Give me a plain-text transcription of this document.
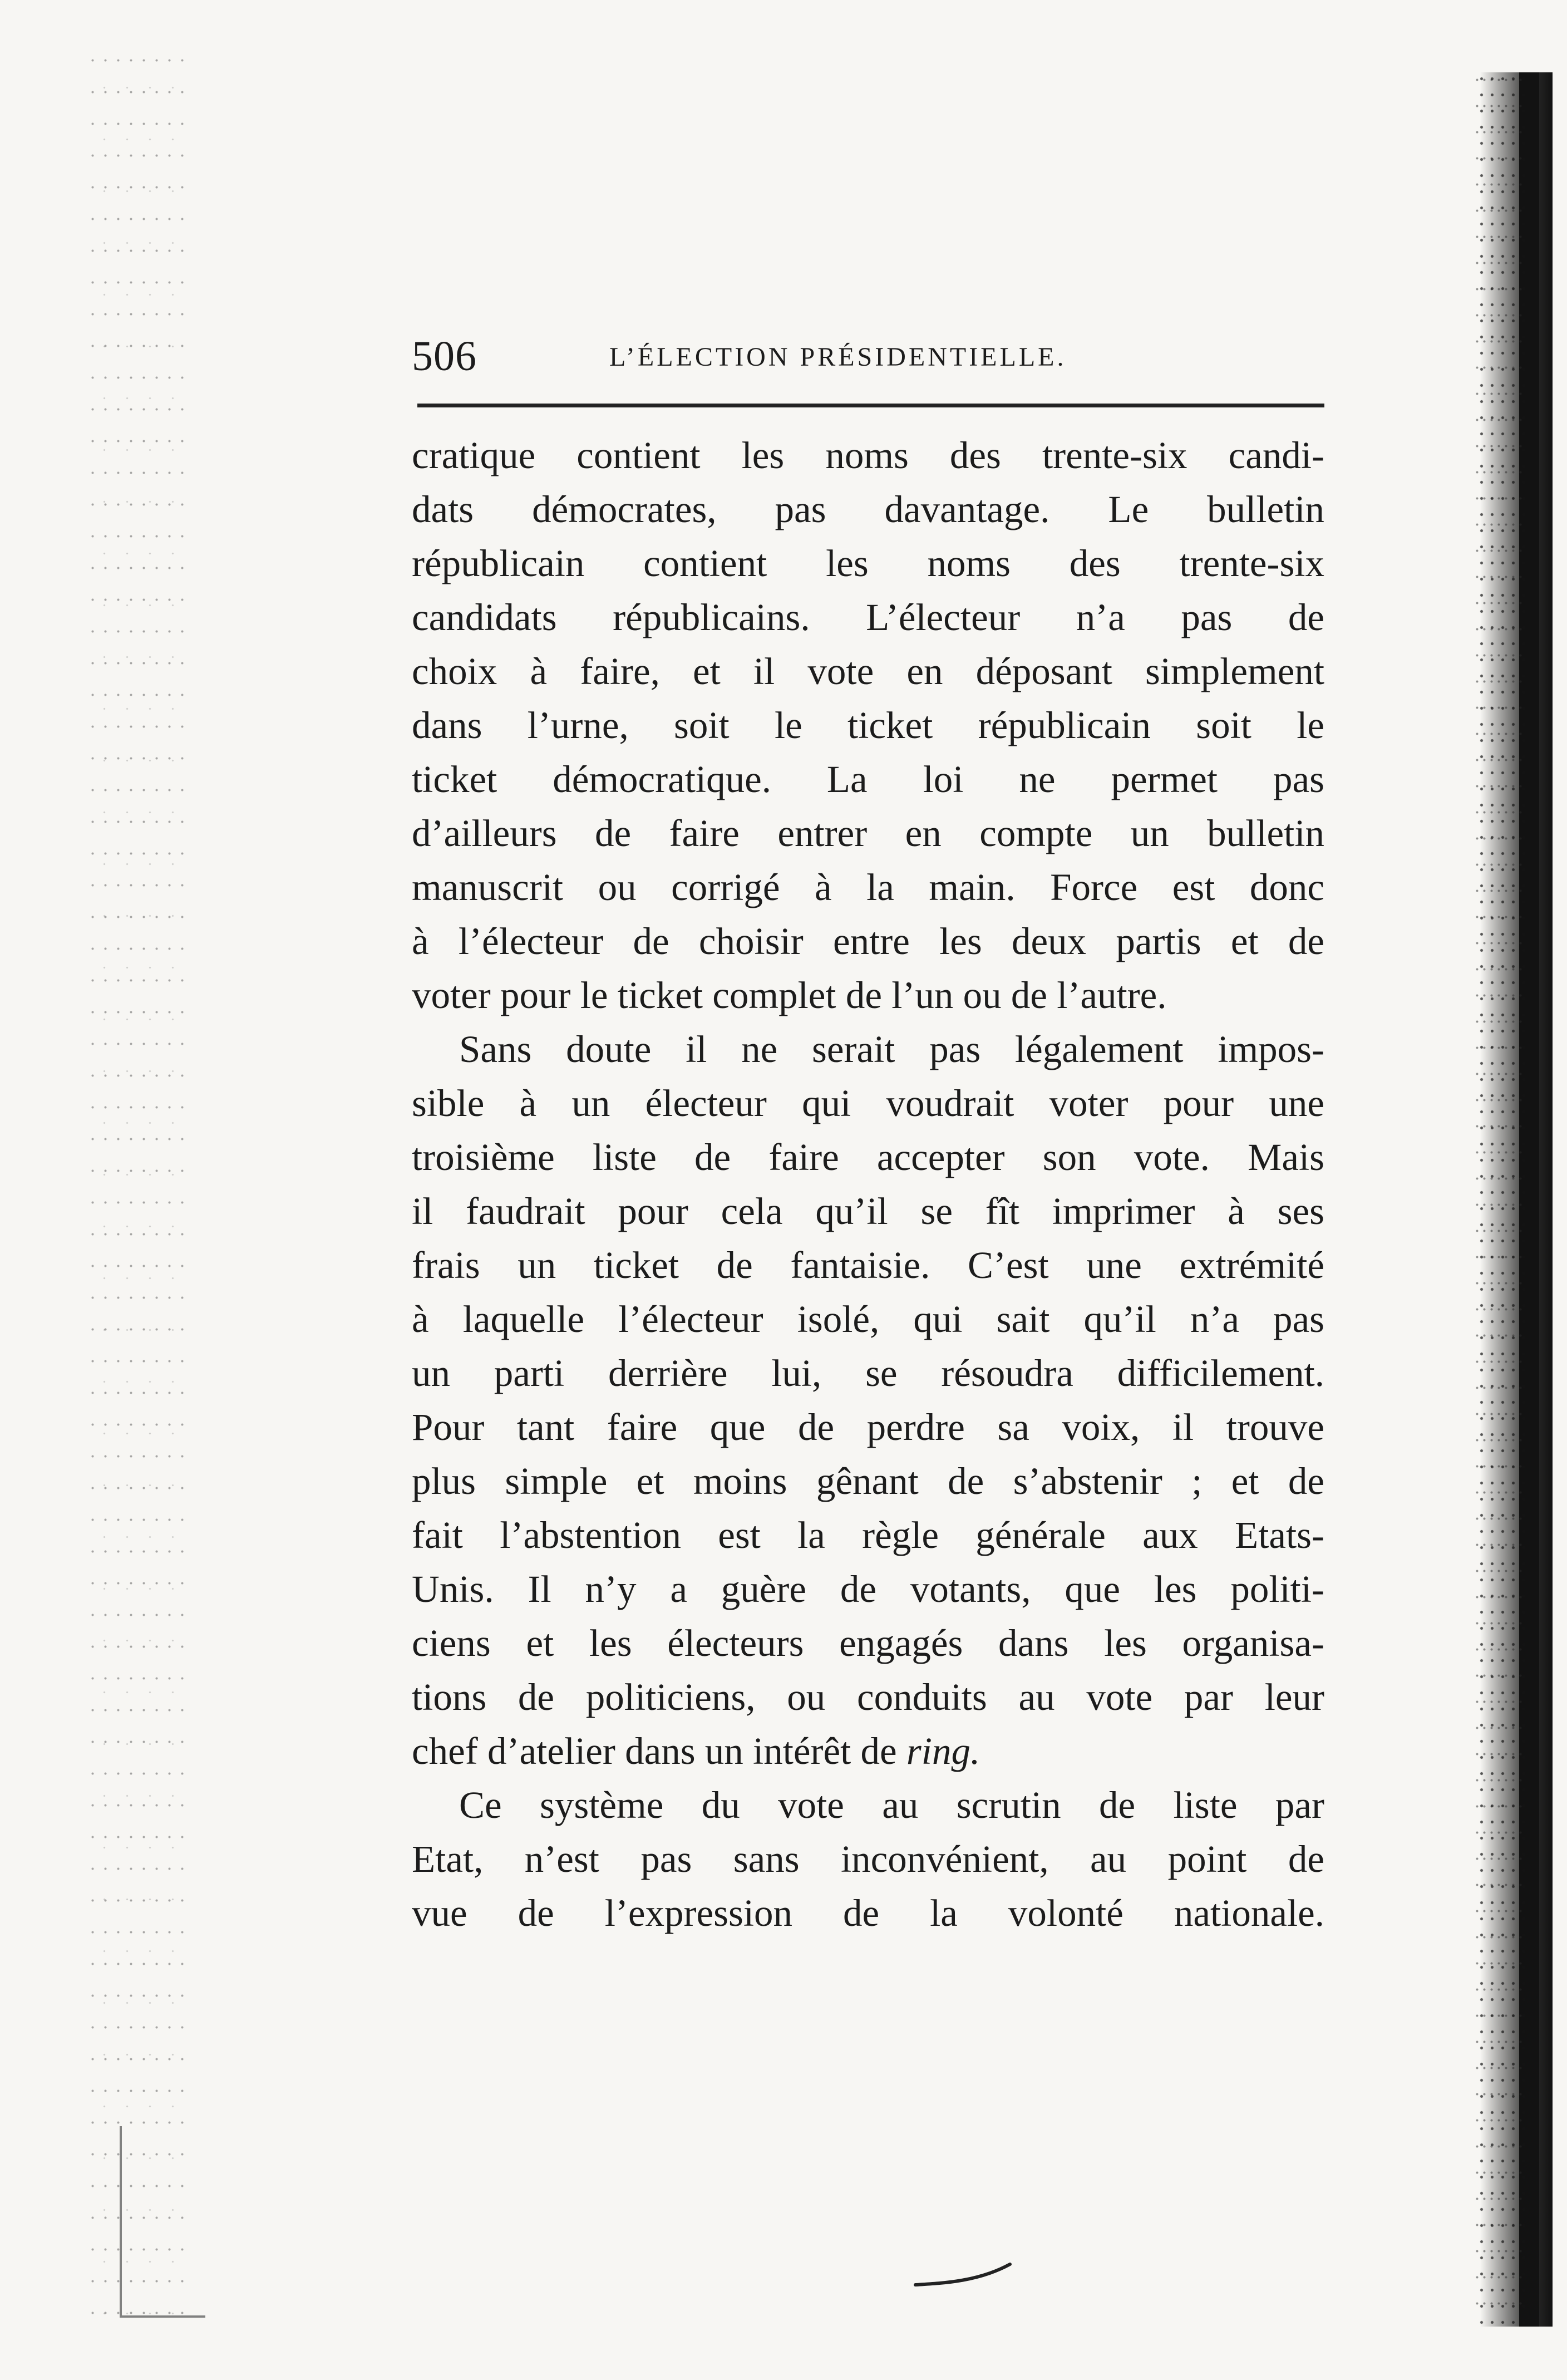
506	L’ÉLECTION PRÉSIDENTIELLE.
cratique contient les noms des trente-six candi-
dats démocrates, pas davantage. Le bulletin
républicain contient les noms des trente-six
candidats républicains. L’électeur n’a pas de
choix à faire, et il vote en déposant simplement
dans l’urne, soit le ticket républicain soit le
ticket démocratique. La loi ne permet pas
d’ailleurs de faire entrer en compte un bulletin
manuscrit ou corrigé à la main. Force est donc
à l’électeur de choisir entre les deux partis et de
voter pour le ticket complet de l’un ou de l’autre.
Sans doute il ne serait pas légalement impos-
sible à un électeur qui voudrait voter pour une
troisième liste de faire accepter son vote. Mais
il faudrait pour cela qu’il se fît imprimer à ses
frais un ticket de fantaisie. C’est une extrémité
à laquelle l’électeur isolé, qui sait qu’il n’a pas
un parti derrière lui, se résoudra difficilement.
Pour tant faire que de perdre sa voix, il trouve
plus simple et moins gênant de s’abstenir ; et de
fait l’abstention est la règle générale aux Etats-
Unis. Il n’y a guère de votants, que les politi-
ciens et les électeurs engagés dans les organisa-
tions de politiciens, ou conduits au vote par leur
chef d’atelier dans un intérêt de ring.
Ce système du vote au scrutin de liste par
Etat, n’est pas sans inconvénient, au point de
vue de l’expression de la volonté nationale.
